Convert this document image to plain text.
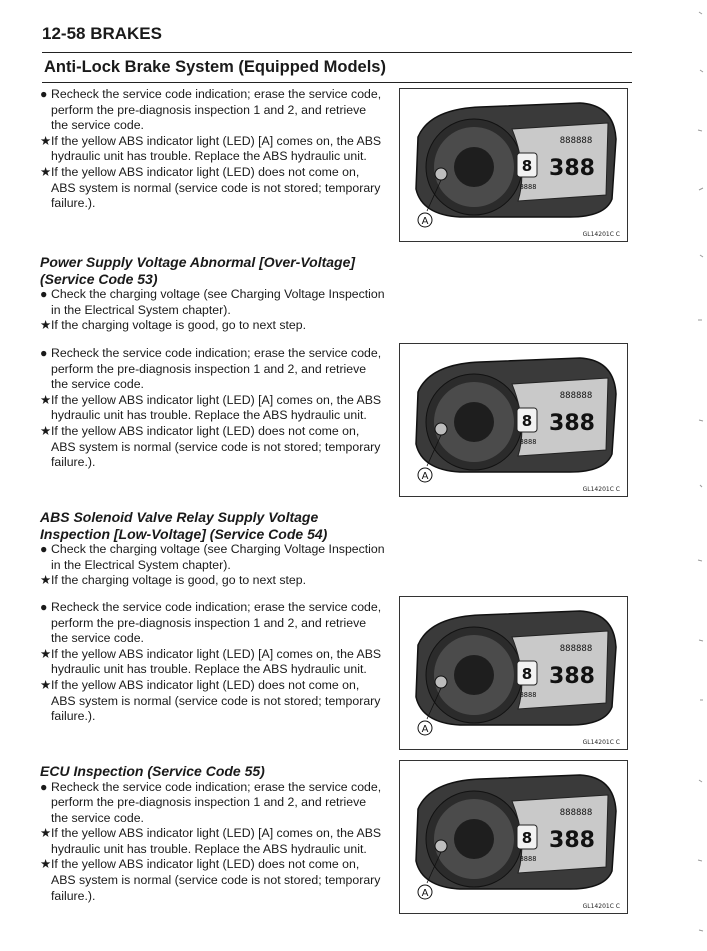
12-58 BRAKES
Anti-Lock Brake System (Equipped Models)

● Recheck the service code indication; erase the service code, perform the pre-diagnosis inspection 1 and 2, and retrieve the service code.

★If the yellow ABS indicator light (LED) [A] comes on, the ABS hydraulic unit has trouble. Replace the ABS hydraulic unit.

★If the yellow ABS indicator light (LED) does not come on, ABS system is normal (service code is not stored; temporary failure.).

Power Supply Voltage Abnormal [Over-Voltage] (Service Code 53)

● Check the charging voltage (see Charging Voltage Inspection in the Electrical System chapter).

★If the charging voltage is good, go to next step.

● Recheck the service code indication; erase the service code, perform the pre-diagnosis inspection 1 and 2, and retrieve the service code.

★If the yellow ABS indicator light (LED) [A] comes on, the ABS hydraulic unit has trouble. Replace the ABS hydraulic unit.

★If the yellow ABS indicator light (LED) does not come on, ABS system is normal (service code is not stored; temporary failure.).

ABS Solenoid Valve Relay Supply Voltage Inspection [Low-Voltage] (Service Code 54)

● Check the charging voltage (see Charging Voltage Inspection in the Electrical System chapter).

★If the charging voltage is good, go to next step.

● Recheck the service code indication; erase the service code, perform the pre-diagnosis inspection 1 and 2, and retrieve the service code.

★If the yellow ABS indicator light (LED) [A] comes on, the ABS hydraulic unit has trouble. Replace the ABS hydraulic unit.

★If the yellow ABS indicator light (LED) does not come on, ABS system is normal (service code is not stored; temporary failure.).

ECU Inspection (Service Code 55)

● Recheck the service code indication; erase the service code, perform the pre-diagnosis inspection 1 and 2, and retrieve the service code.

★If the yellow ABS indicator light (LED) [A] comes on, the ABS hydraulic unit has trouble. Replace the ABS hydraulic unit.

★If the yellow ABS indicator light (LED) does not come on, ABS system is normal (service code is not stored; temporary failure.).

8
888888
388
8888
A
GL14201C C
8
888888
388
8888
A
GL14201C C
8
888888
388
8888
A
GL14201C C
8
888888
388
8888
A
GL14201C C
